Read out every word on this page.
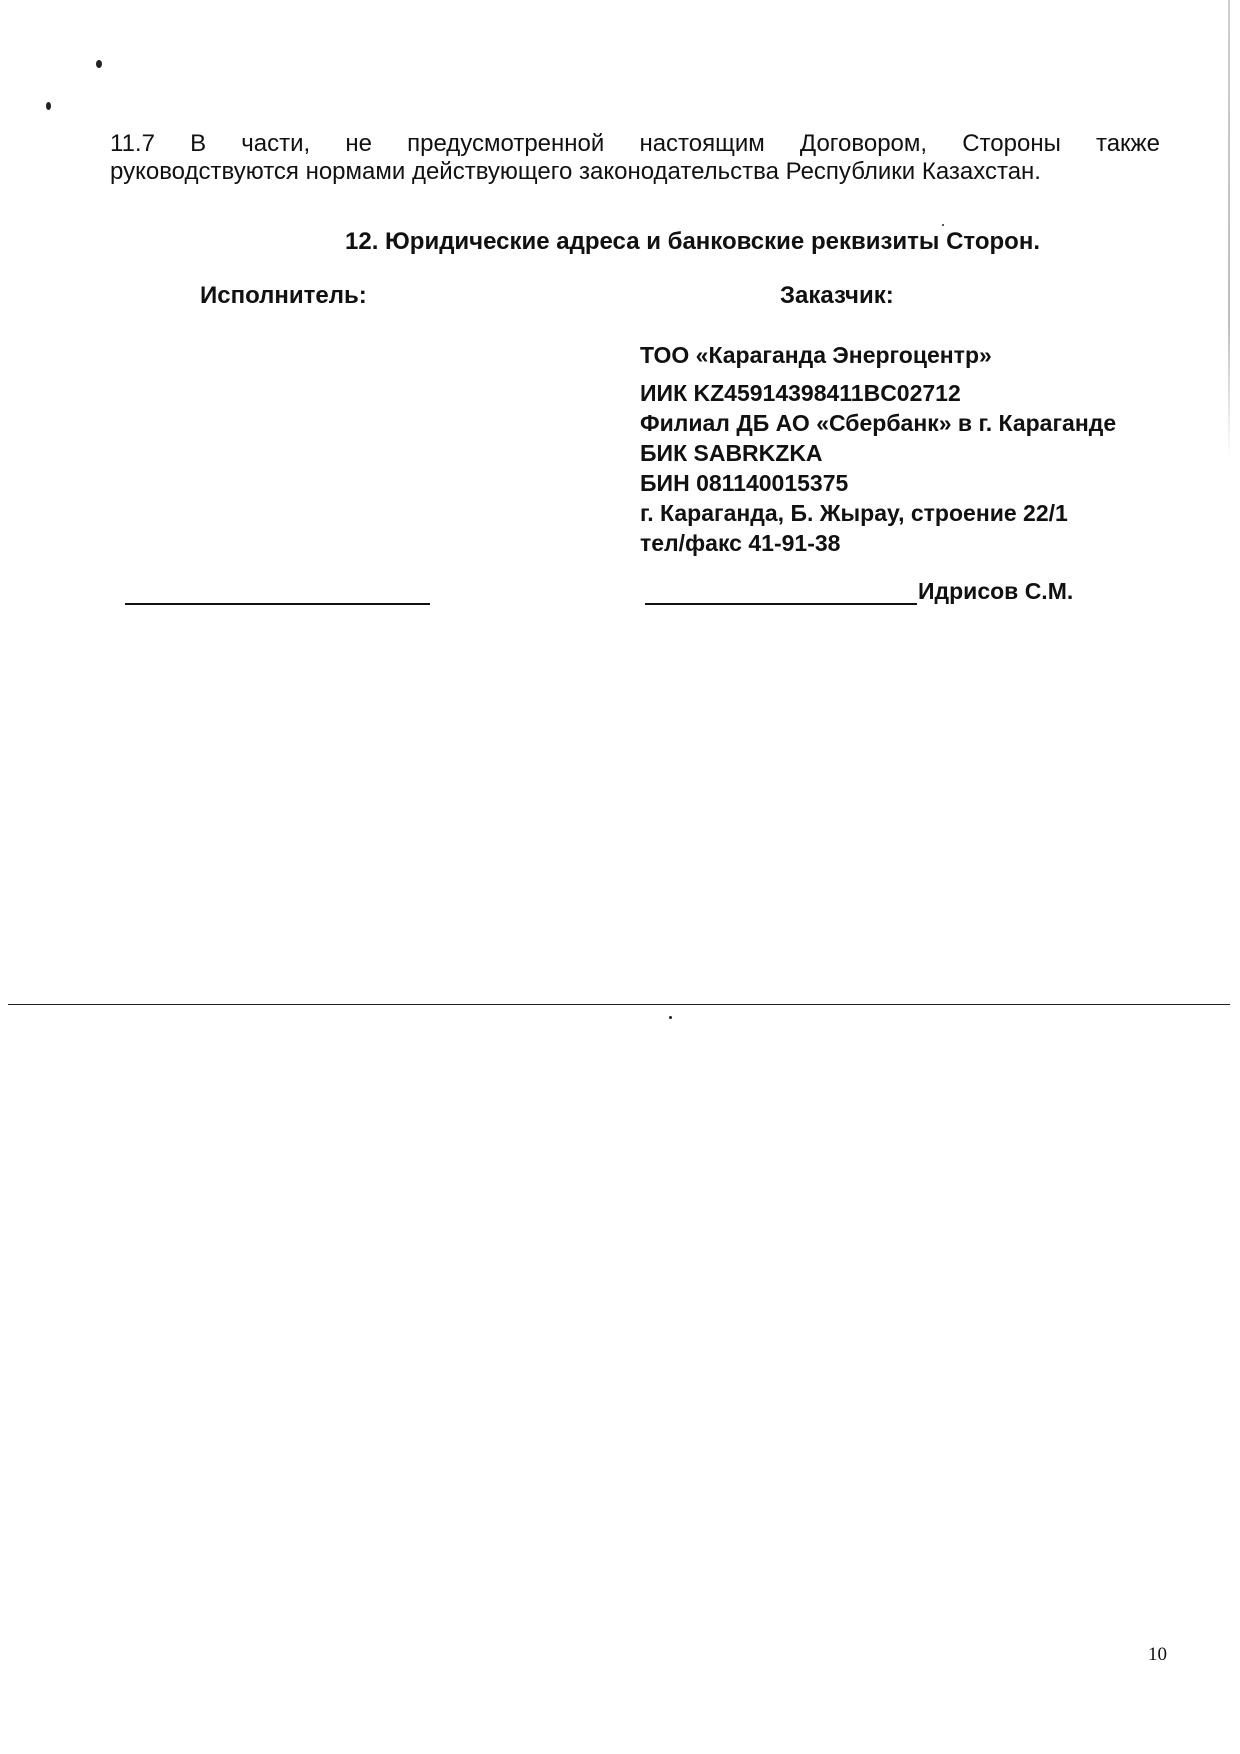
11.7 В части, не предусмотренной настоящим Договором, Стороны также
руководствуются нормами действующего законодательства Республики Казахстан.
12. Юридические адреса и банковские реквизиты Сторон.
Исполнитель:	Заказчик:
ТОО «Караганда Энергоцентр»
ИИК KZ45914398411BC02712
Филиал ДБ АО «Сбербанк» в г. Караганде
БИК SABRKZKA
БИН 081140015375
г. Караганда, Б. Жырау, строение 22/1
тел/факс 41-91-38
Идрисов С.М.
10
